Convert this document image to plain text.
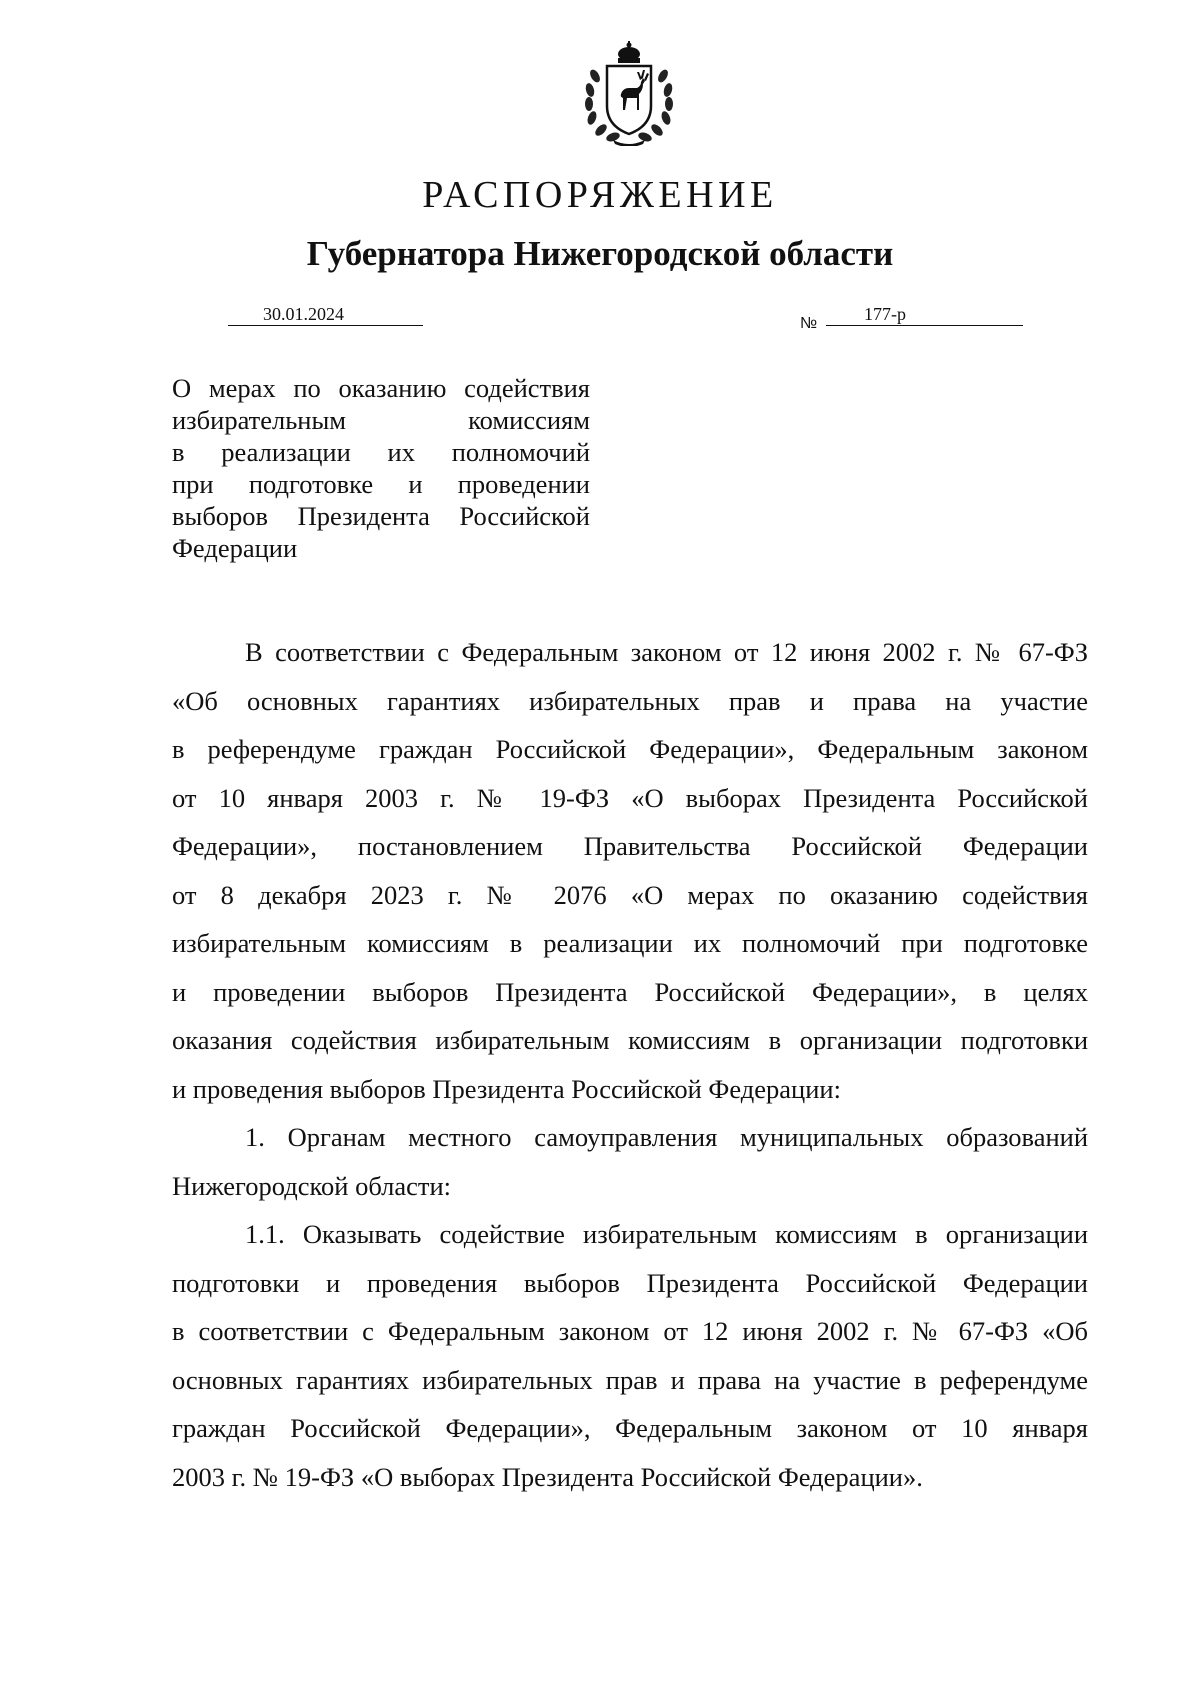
РАСПОРЯЖЕНИЕ
Губернатора Нижегородской области
30.01.2024	№	177-р
О мерах по оказанию содействия
избирательным комиссиям
в реализации их полномочий
при подготовке и проведении
выборов Президента Российской
Федерации

В соответствии с Федеральным законом от 12 июня 2002 г. № 67-ФЗ
«Об основных гарантиях избирательных прав и права на участие
в референдуме граждан Российской Федерации», Федеральным законом
от 10 января 2003 г. № 19-ФЗ «О выборах Президента Российской
Федерации», постановлением Правительства Российской Федерации
от 8 декабря 2023 г. № 2076 «О мерах по оказанию содействия
избирательным комиссиям в реализации их полномочий при подготовке
и проведении выборов Президента Российской Федерации», в целях
оказания содействия избирательным комиссиям в организации подготовки
и проведения выборов Президента Российской Федерации:

1. Органам местного самоуправления муниципальных образований
Нижегородской области:

1.1. Оказывать содействие избирательным комиссиям в организации
подготовки и проведения выборов Президента Российской Федерации
в соответствии с Федеральным законом от 12 июня 2002 г. № 67-ФЗ «Об
основных гарантиях избирательных прав и права на участие в референдуме
граждан Российской Федерации», Федеральным законом от 10 января
2003 г. № 19-ФЗ «О выборах Президента Российской Федерации».
